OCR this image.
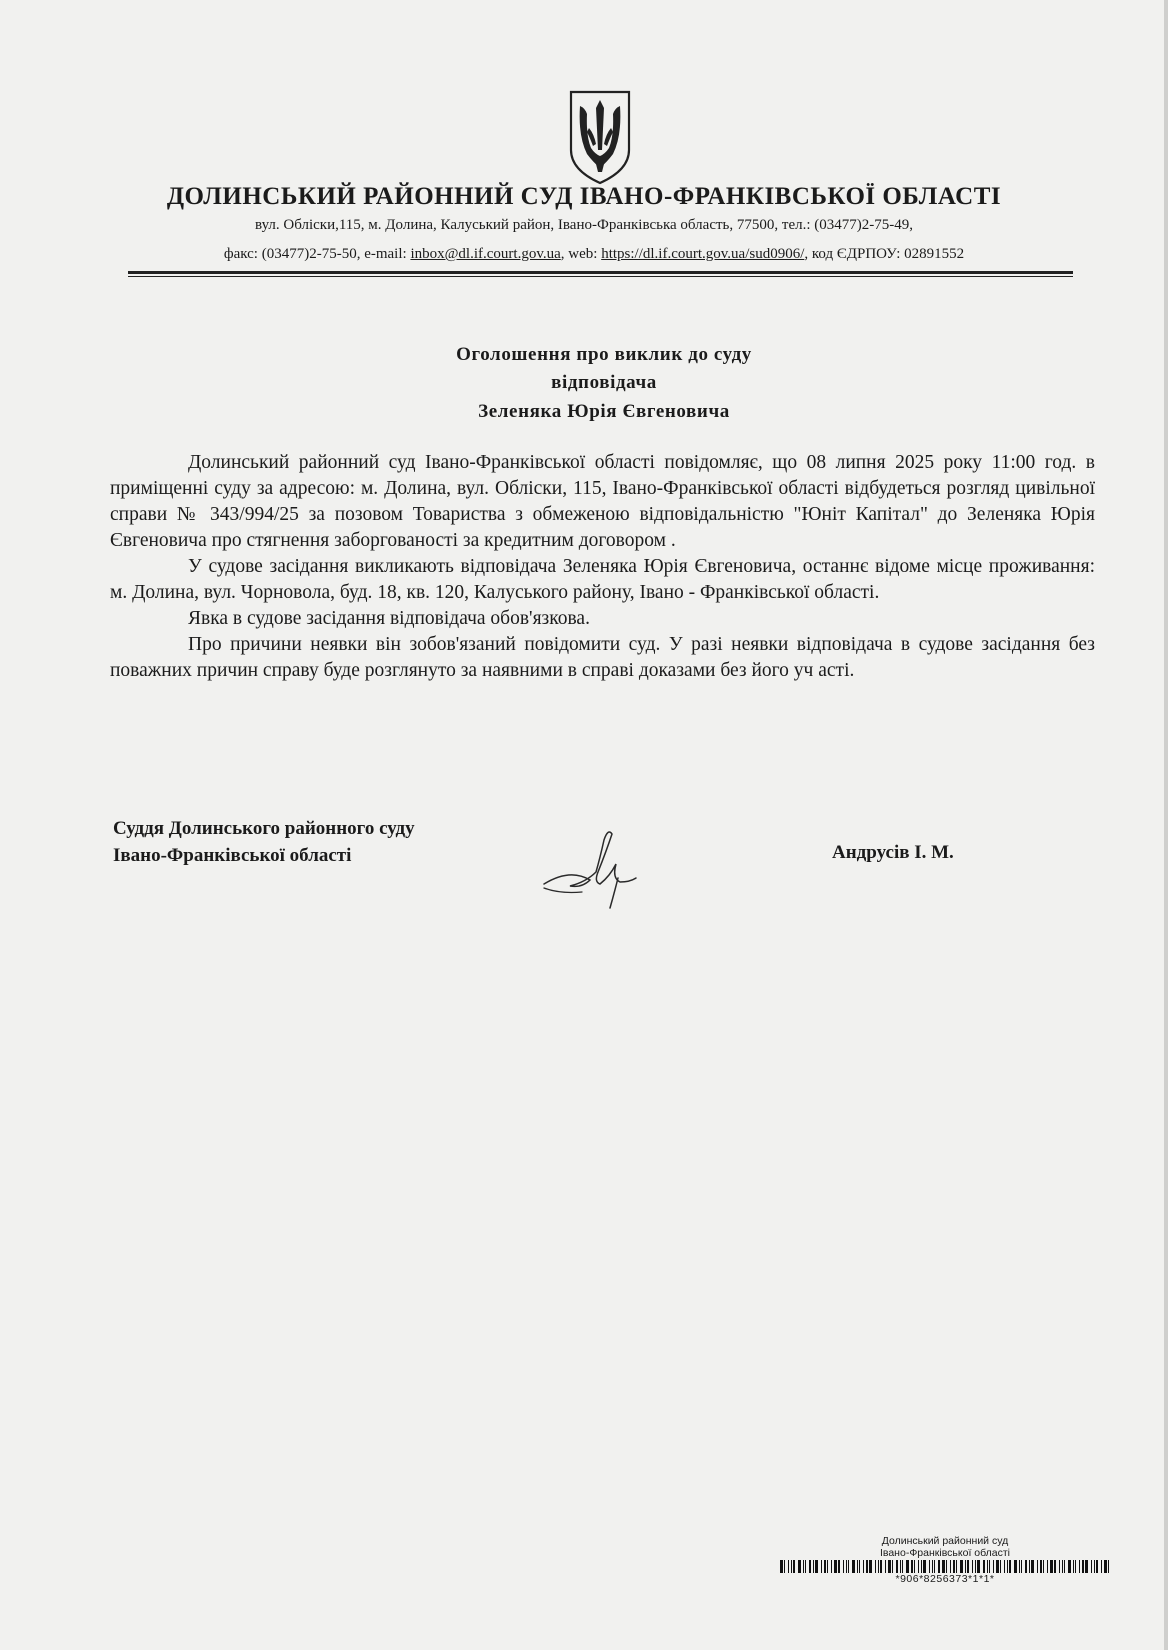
ДОЛИНСЬКИЙ РАЙОННИЙ СУД ІВАНО-ФРАНКІВСЬКОЇ ОБЛАСТІ
вул. Обліски,115, м. Долина, Калуський район, Івано-Франківська область, 77500, тел.: (03477)2-75-49,
факс: (03477)2-75-50, e-mail: inbox@dl.if.court.gov.ua, web: https://dl.if.court.gov.ua/sud0906/, код ЄДРПОУ: 02891552
Оголошення про виклик до суду
відповідача
Зеленяка Юрія Євгеновича

Долинський районний суд Івано-Франківської області повідомляє, що 08 липня 2025 року 11:00 год. в приміщенні суду за адресою: м. Долина, вул. Обліски, 115, Івано-Франківської області відбудеться розгляд цивільної справи № 343/994/25 за позовом Товариства з обмеженою відповідальністю "Юніт Капітал" до Зеленяка Юрія Євгеновича про стягнення заборгованості за кредитним договором .

У судове засідання викликають відповідача Зеленяка Юрія Євгеновича, останнє відоме місце проживання: м. Долина, вул. Чорновола, буд. 18, кв. 120, Калуського району, Івано - Франківської області.

Явка в судове засідання відповідача обов'язкова.

Про причини неявки він зобов'язаний повідомити суд. У разі неявки відповідача в судове засідання без поважних причин справу буде розглянуто за наявними в справі доказами без його уч асті.

Суддя Долинського районного суду
Івано-Франківської області	Андрусів І. М.
Долинський районний суд
Івано-Франківської області
*906*8256373*1*1*
